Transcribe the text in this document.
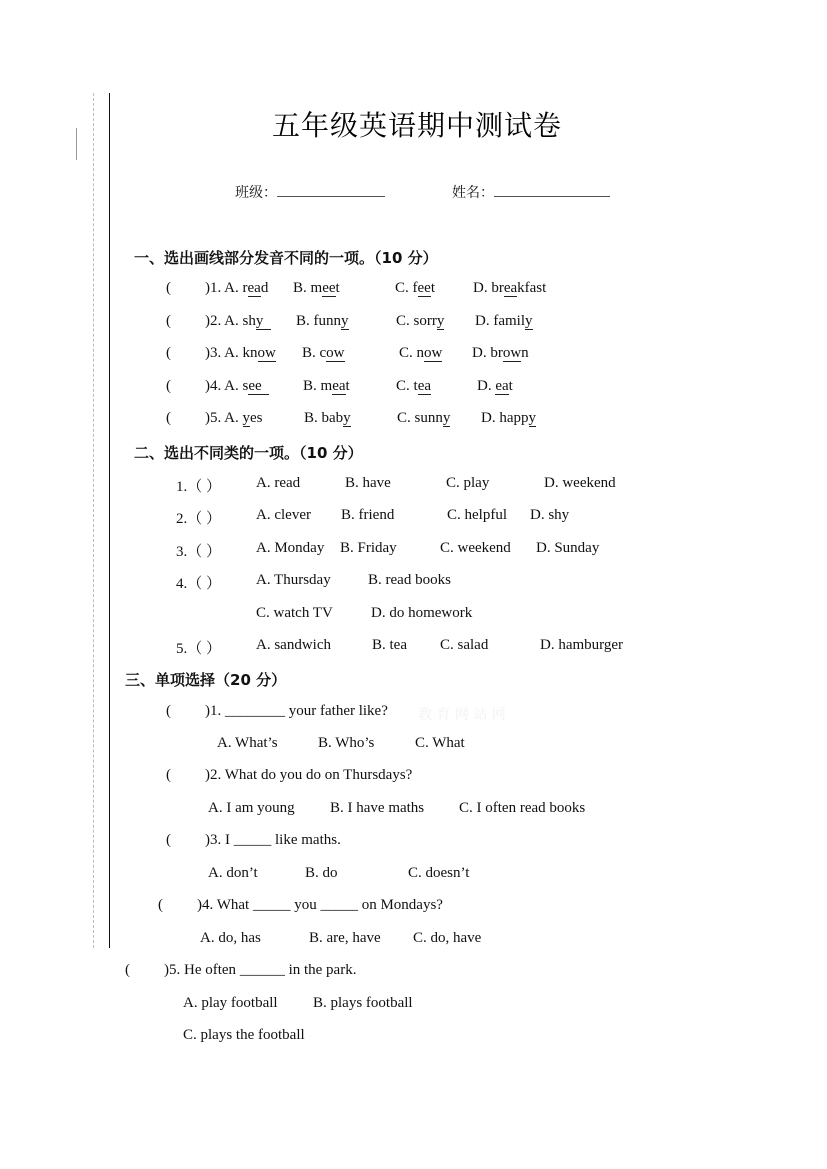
五年级英语期中测试卷
班级：	姓名：
一、选出画线部分发音不同的一项。（10 分）
( )1. A. read B. meet	C. feet	D. breakfast
( )2. A. shy B. funny	C. sorry D. family
( )3. A. know B. cow	C. now D. brown
( )4. A. see B. meat	C. tea	D. eat
( )5. A. yes	B. baby	C. sunny D. happy
二、选出不同类的一项。（10 分）
1.（ ） A. read	B. have	C. play	D. weekend
2.（ ） A. clever B. friend	C. helpful D. shy
3.（ ） A. Monday B. Friday	C. weekend D. Sunday
4.（ ） A. Thursday B. read books
C. watch TV	D. do homework
5.（ ） A. sandwich	B. tea C. salad	D. hamburger
三、单项选择（20 分）
( )1. ________ your father like? 教 育 网 站 网
A. What’s	B. Who’s	C. What
( )2. What do you do on Thursdays?
A. I am young B. I have maths C. I often read books
( )3. I _____ like maths.
A. don’t	B. do	C. doesn’t
( )4. What _____ you _____ on Mondays?
A. do, has	B. are, have C. do, have
( )5. He often ______ in the park.
A. play football B. plays football
C. plays the football
